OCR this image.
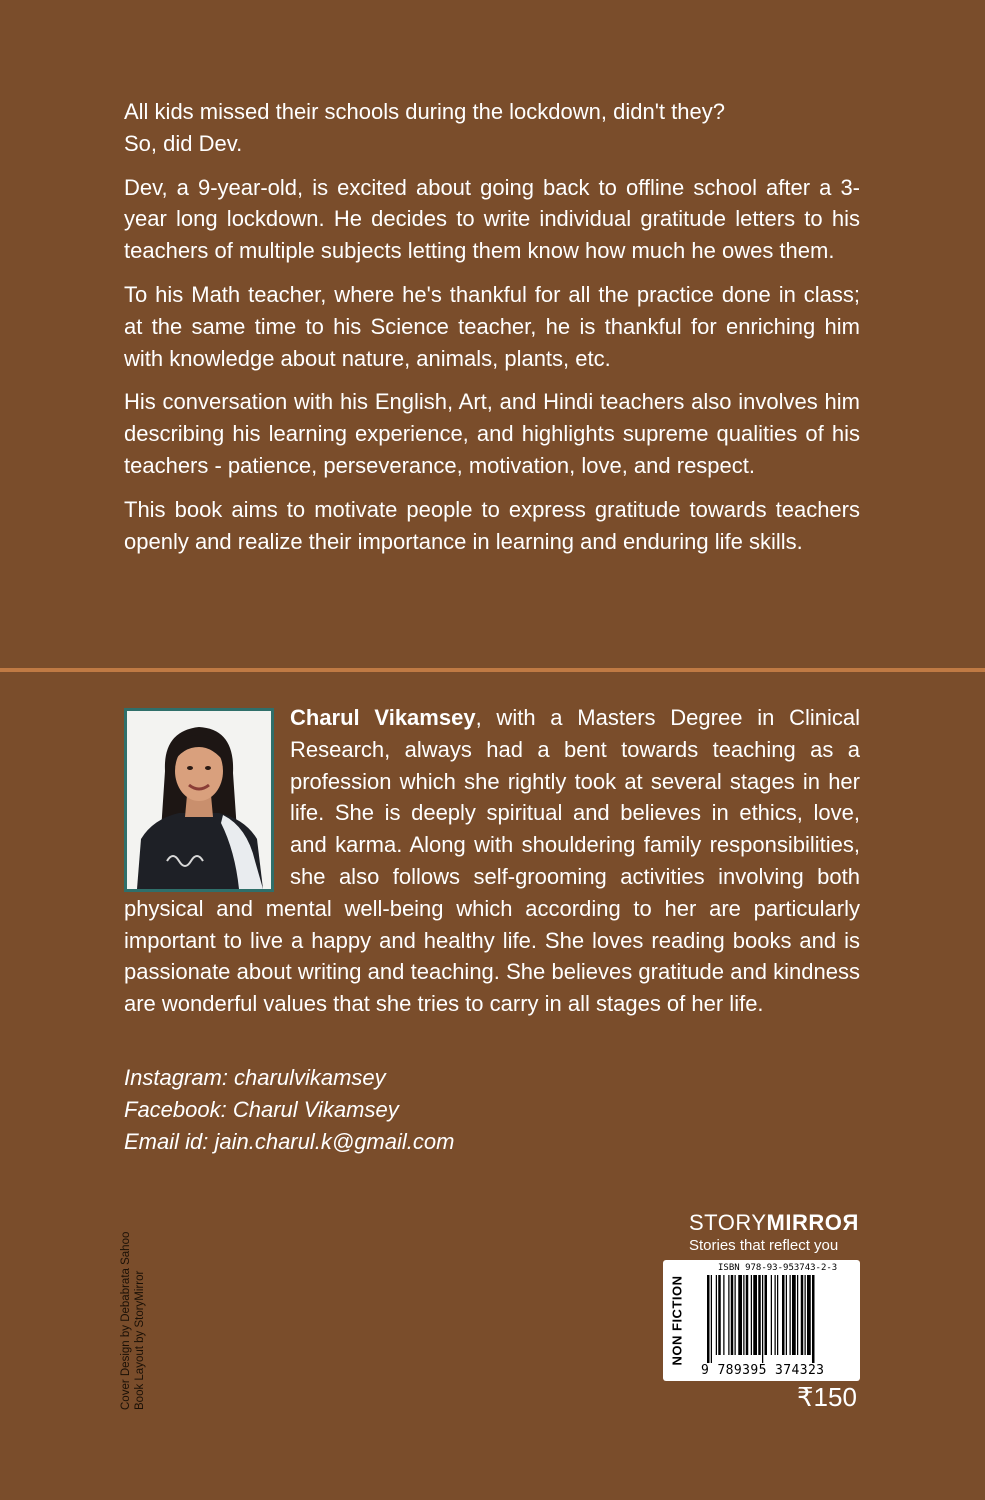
All kids missed their schools during the lockdown, didn't they?

So, did Dev.

Dev, a 9-year-old, is excited about going back to offline school after a 3-year long lockdown. He decides to write individual gratitude letters to his teachers of multiple subjects letting them know how much he owes them.

To his Math teacher, where he's thankful for all the practice done in class; at the same time to his Science teacher, he is thankful for enriching him with knowledge about nature, animals, plants, etc.

His conversation with his English, Art, and Hindi teachers also involves him describing his learning experience, and highlights supreme qualities of his teachers - patience, perseverance, motivation, love, and respect.

This book aims to motivate people to express gratitude towards teachers openly and realize their importance in learning and enduring life skills.

Charul Vikamsey, with a Masters Degree in Clinical Research, always had a bent towards teaching as a profession which she rightly took at several stages in her life. She is deeply spiritual and believes in ethics, love, and karma. Along with shouldering family responsibilities, she also follows self-grooming activities involving both physical and mental well-being which according to her are particularly important to live a happy and healthy life. She loves reading books and is passionate about writing and teaching. She believes gratitude and kindness are wonderful values that she tries to carry in all stages of her life.
Instagram: charulvikamsey
Facebook: Charul Vikamsey
Email id: jain.charul.k@gmail.com
Cover Design by Debabrata Sahoo Book Layout by StoryMirror
STORYMIRROR
Stories that reflect you
NON FICTION
ISBN 978-93-95374З-2-З
9 789395 374323
₹150
